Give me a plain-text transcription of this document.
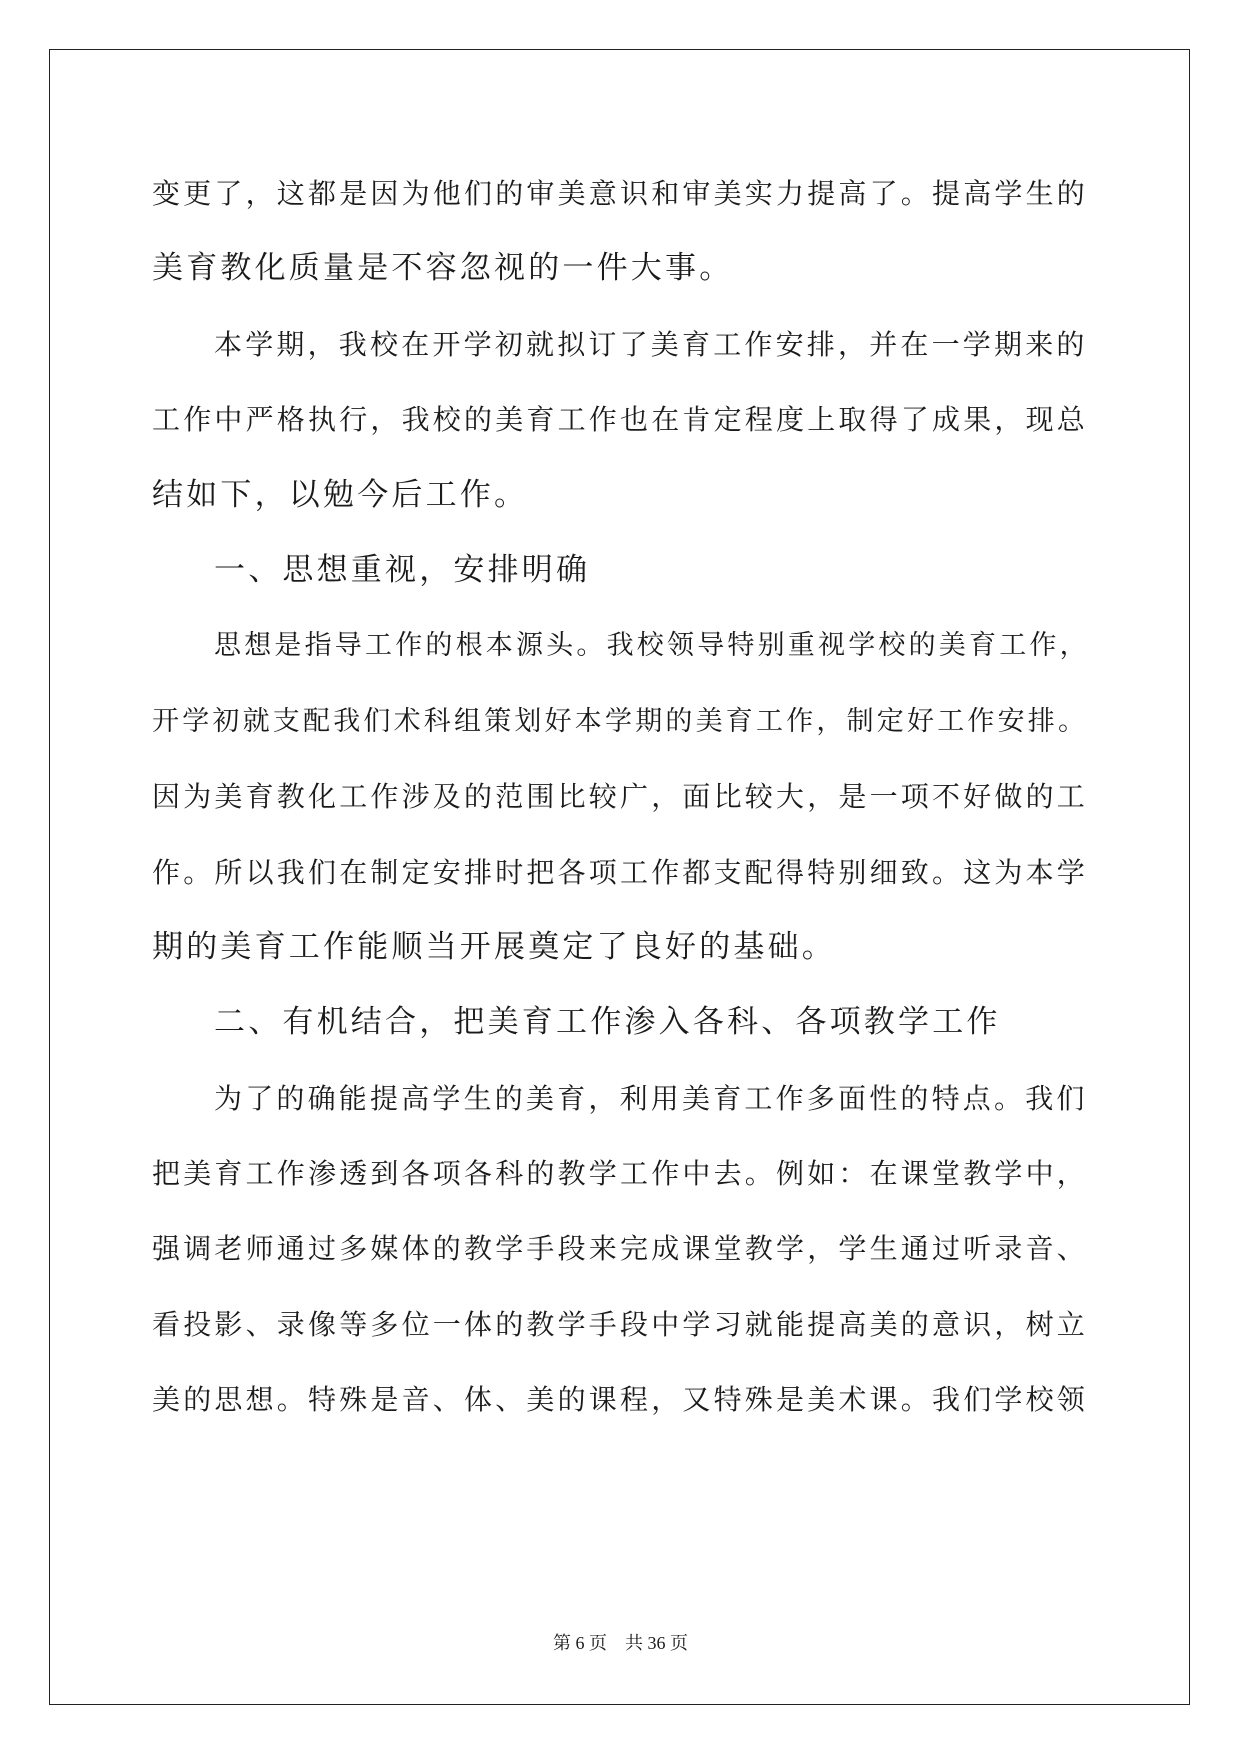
变更了，这都是因为他们的审美意识和审美实力提高了。提高学生的
美育教化质量是不容忽视的一件大事。
本学期，我校在开学初就拟订了美育工作安排，并在一学期来的
工作中严格执行，我校的美育工作也在肯定程度上取得了成果，现总
结如下，以勉今后工作。
一、思想重视，安排明确
思想是指导工作的根本源头。我校领导特别重视学校的美育工作，
开学初就支配我们术科组策划好本学期的美育工作，制定好工作安排。
因为美育教化工作涉及的范围比较广，面比较大，是一项不好做的工
作。所以我们在制定安排时把各项工作都支配得特别细致。这为本学
期的美育工作能顺当开展奠定了良好的基础。
二、有机结合，把美育工作渗入各科、各项教学工作
为了的确能提高学生的美育，利用美育工作多面性的特点。我们
把美育工作渗透到各项各科的教学工作中去。例如：在课堂教学中，
强调老师通过多媒体的教学手段来完成课堂教学，学生通过听录音、
看投影、录像等多位一体的教学手段中学习就能提高美的意识，树立
美的思想。特殊是音、体、美的课程，又特殊是美术课。我们学校领
第 6 页    共 36 页
